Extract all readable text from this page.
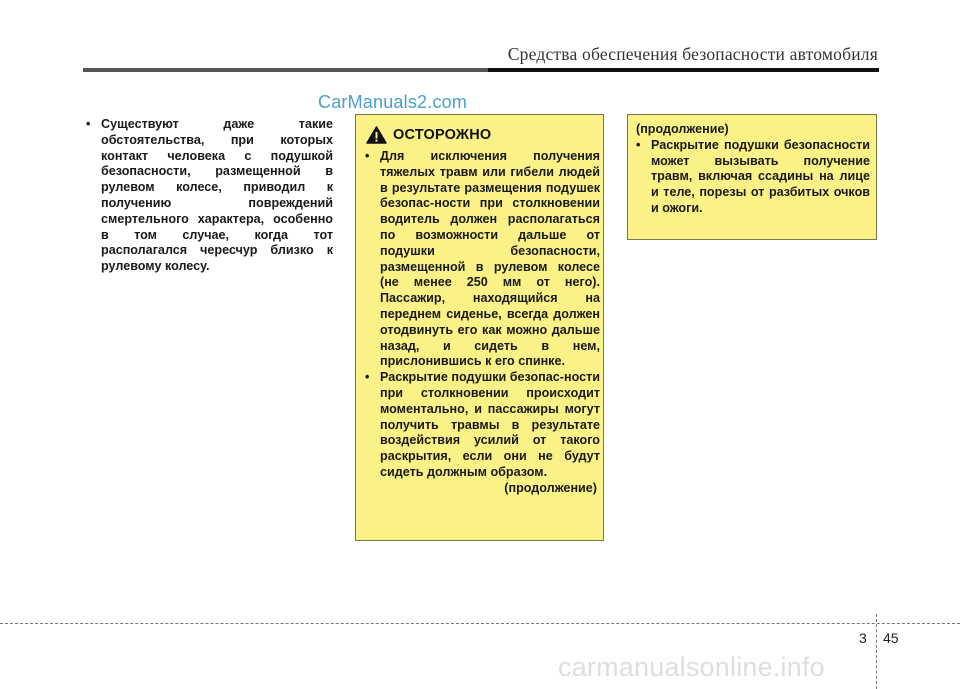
Средства обеспечения безопасности автомобиля
CarManuals2.com

• Существуют даже такие обстоятельства, при которых контакт человека с подушкой безопасности, размещенной в рулевом колесе, приводил к получению повреждений смертельного характера, особенно в том случае, когда тот располагался чересчур близко к рулевому колесу.

ОСТОРОЖНО

• Для исключения получения тяжелых травм или гибели людей в результате размещения подушек безопас-ности при столкновении водитель должен располагаться по возможности дальше от подушки безопасности, размещенной в рулевом колесе (не менее 250 мм от него). Пассажир, находящийся на переднем сиденье, всегда должен отодвинуть его как можно дальше назад, и сидеть в нем, прислонившись к его спинке.

• Раскрытие подушки безопас-ности при столкновении происходит моментально, и пассажиры могут получить травмы в результате воздействия усилий от такого раскрытия, если они не будут сидеть должным образом.

(продолжение)

(продолжение)

• Раскрытие подушки безопасности может вызывать получение травм, включая ссадины на лице и теле, порезы от разбитых очков и ожоги.

3 45
carmanualsonline.info
